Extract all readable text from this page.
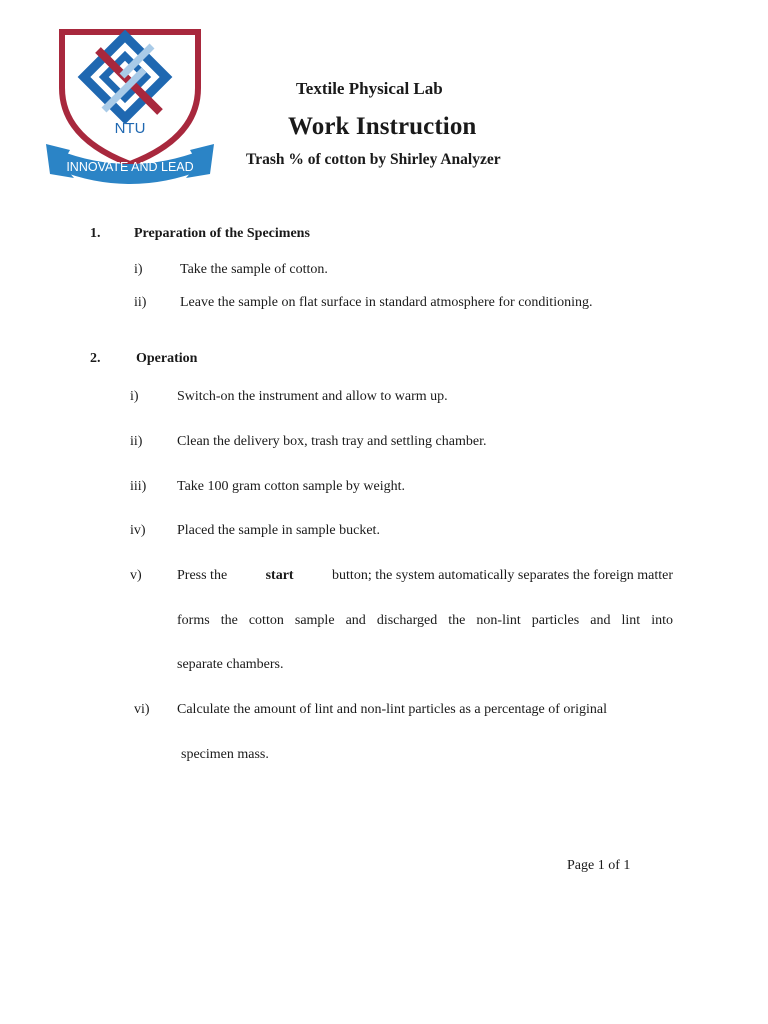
NTU
INNOVATE AND LEAD
Textile Physical Lab
Work Instruction
Trash % of cotton by Shirley Analyzer
1. Preparation of the Specimens
i)	Take the sample of cotton.
ii) Leave the sample on flat surface in standard atmosphere for conditioning.
2.	Operation
i)	Switch-on the instrument and allow to warm up.
ii) Clean the delivery box, trash tray and settling chamber.
iii) Take 100 gram cotton sample by weight.
iv) Placed the sample in sample bucket.
v)	Press the	start	button; the system automatically separates the foreign matter
forms the cotton sample and discharged the non-lint particles and lint into
separate chambers.
vi) Calculate the amount of lint and non-lint particles as a percentage of original
specimen mass.
Page 1 of 1
